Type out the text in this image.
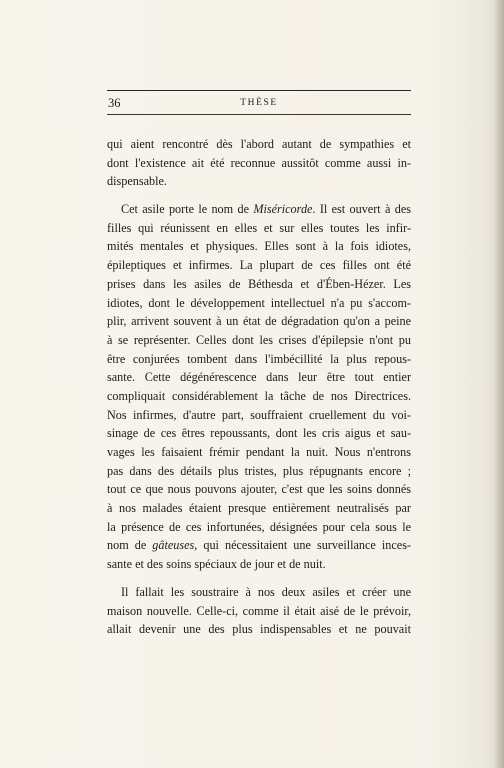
36	THÈSE
qui aient rencontré dès l'abord autant de sympathies et
dont l'existence ait été reconnue aussitôt comme aussi in-
dispensable.
Cet asile porte le nom de Miséricorde. Il est ouvert à des
filles qui réunissent en elles et sur elles toutes les infir-
mités mentales et physiques. Elles sont à la fois idiotes,
épileptiques et infirmes. La plupart de ces filles ont été
prises dans les asiles de Béthesda et d'Ében-Hézer. Les
idiotes, dont le développement intellectuel n'a pu s'accom-
plir, arrivent souvent à un état de dégradation qu'on a peine
à se représenter. Celles dont les crises d'épilepsie n'ont pu
être conjurées tombent dans l'imbécillité la plus repous-
sante. Cette dégénérescence dans leur être tout entier
compliquait considérablement la tâche de nos Directrices.
Nos infirmes, d'autre part, souffraient cruellement du voi-
sinage de ces êtres repoussants, dont les cris aigus et sau-
vages les faisaient frémir pendant la nuit. Nous n'entrons
pas dans des détails plus tristes, plus répugnants encore ;
tout ce que nous pouvons ajouter, c'est que les soins donnés
à nos malades étaient presque entièrement neutralisés par
la présence de ces infortunées, désignées pour cela sous le
nom de gâteuses, qui nécessitaient une surveillance inces-
sante et des soins spéciaux de jour et de nuit.
Il fallait les soustraire à nos deux asiles et créer une
maison nouvelle. Celle-ci, comme il était aisé de le prévoir,
allait devenir une des plus indispensables et ne pouvait
